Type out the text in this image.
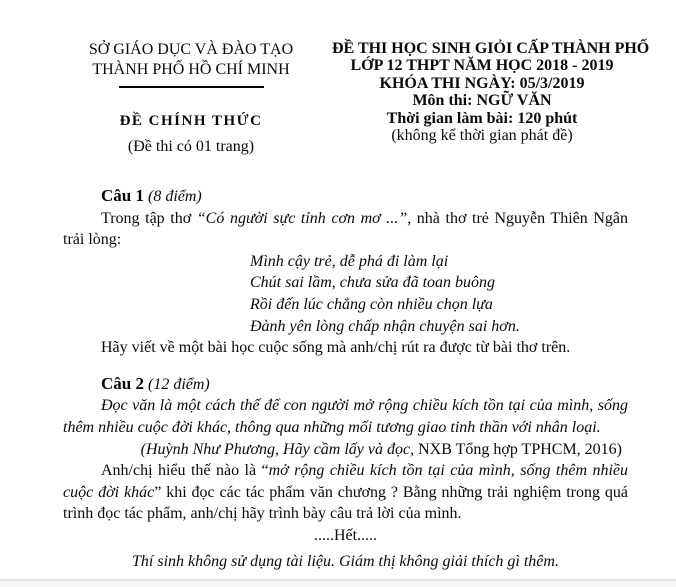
SỞ GIÁO DỤC VÀ ĐÀO TẠO
THÀNH PHỐ HỒ CHÍ MINH
ĐỀ CHÍNH THỨC
(Đề thi có 01 trang)
ĐỀ THI HỌC SINH GIỎI CẤP THÀNH PHỐ
LỚP 12 THPT NĂM HỌC 2018 - 2019
KHÓA THI NGÀY: 05/3/2019
Môn thi: NGỮ VĂN
Thời gian làm bài: 120 phút
(không kể thời gian phát đề)

Câu 1 (8 điểm)

Trong tập thơ “Có người sực tỉnh cơn mơ ...”, nhà thơ trẻ Nguyễn Thiên Ngân trải lòng:

Mình cậy trẻ, dễ phá đi làm lại
Chút sai lầm, chưa sửa đã toan buông
Rồi đến lúc chẳng còn nhiều chọn lựa
Đành yên lòng chấp nhận chuyện sai hơn.

Hãy viết về một bài học cuộc sống mà anh/chị rút ra được từ bài thơ trên.

Câu 2 (12 điểm)

Đọc văn là một cách thế để con người mở rộng chiều kích tồn tại của mình, sống thêm nhiều cuộc đời khác, thông qua những mối tương giao tinh thần với nhân loại.

(Huỳnh Như Phương, Hãy cầm lấy và đọc, NXB Tổng hợp TPHCM, 2016)

Anh/chị hiểu thế nào là “mở rộng chiều kích tồn tại của mình, sống thêm nhiều cuộc đời khác” khi đọc các tác phẩm văn chương ? Bằng những trải nghiệm trong quá trình đọc tác phẩm, anh/chị hãy trình bày câu trả lời của mình.

.....Hết.....

Thí sinh không sử dụng tài liệu. Giám thị không giải thích gì thêm.
